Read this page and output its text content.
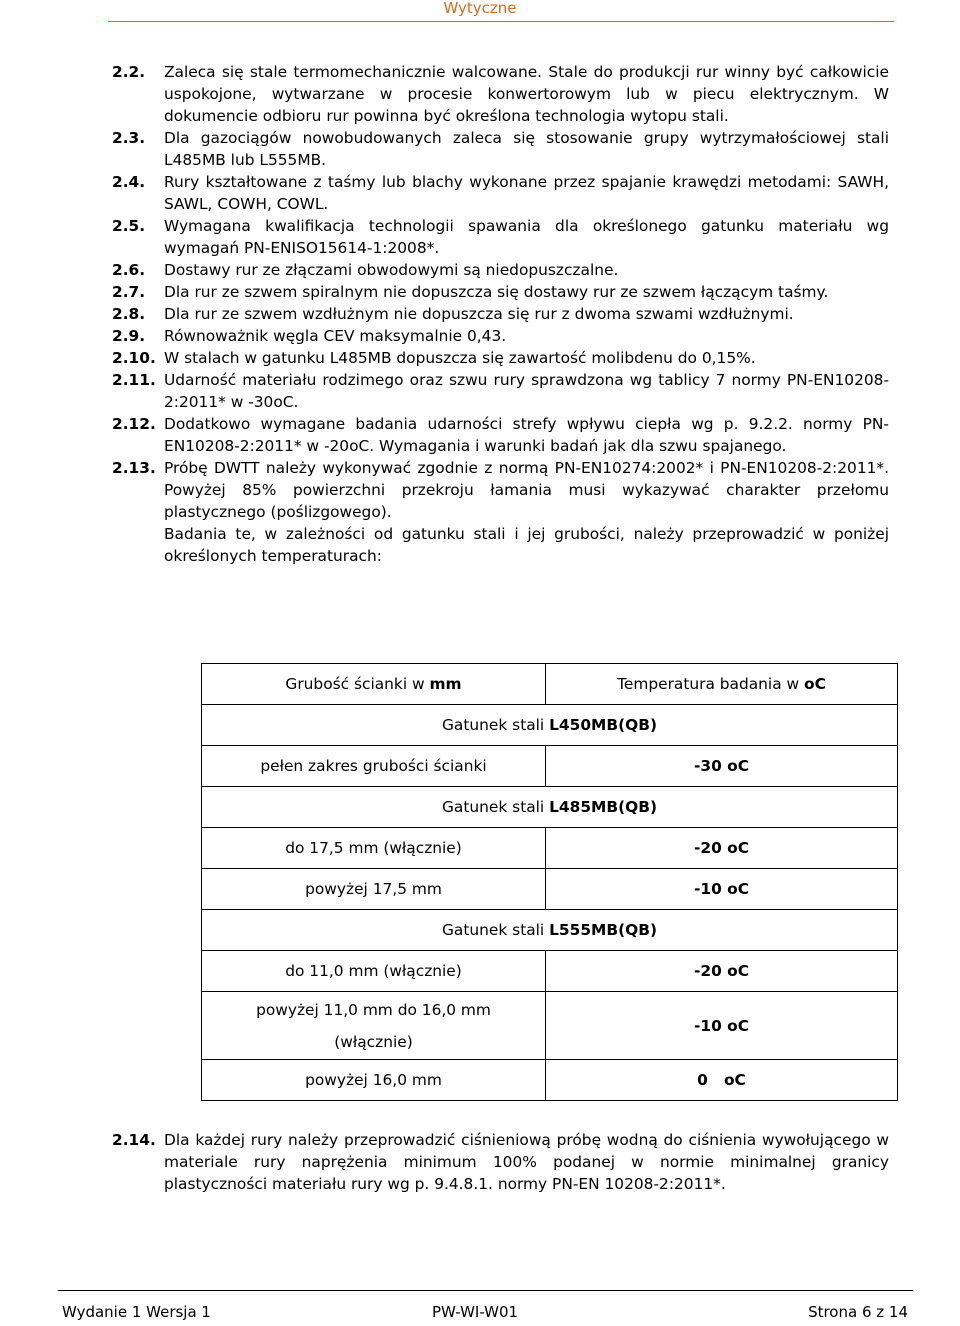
Wytyczne
2.2.	Zaleca się stale termomechanicznie walcowane. Stale do produkcji rur winny być całkowicie uspokojone, wytwarzane w procesie konwertorowym lub w piecu elektrycznym. W dokumencie odbioru rur powinna być określona technologia wytopu stali.
2.3.	Dla gazociągów nowobudowanych zaleca się stosowanie grupy wytrzymałościowej stali L485MB lub L555MB.
2.4.	Rury kształtowane z taśmy lub blachy wykonane przez spajanie krawędzi metodami: SAWH, SAWL, COWH, COWL.
2.5.	Wymagana kwalifikacja technologii spawania dla określonego gatunku materiału wg wymagań PN-ENISO15614-1:2008*.
2.6.	Dostawy rur ze złączami obwodowymi są niedopuszczalne.
2.7.	Dla rur ze szwem spiralnym nie dopuszcza się dostawy rur ze szwem łączącym taśmy.
2.8.	Dla rur ze szwem wzdłużnym nie dopuszcza się rur z dwoma szwami wzdłużnymi.
2.9.	Równoważnik węgla CEV maksymalnie 0,43.
2.10. W stalach w gatunku L485MB dopuszcza się zawartość molibdenu do 0,15%.
2.11. Udarność materiału rodzimego oraz szwu rury sprawdzona wg tablicy 7 normy PN-EN10208-2:2011* w -30oC.
2.12. Dodatkowo wymagane badania udarności strefy wpływu ciepła wg p. 9.2.2. normy PN-EN10208-2:2011* w -20oC. Wymagania i warunki badań jak dla szwu spajanego.
2.13. Próbę DWTT należy wykonywać zgodnie z normą PN-EN10274:2002* i PN-EN10208-2:2011*. Powyżej 85% powierzchni przekroju łamania musi wykazywać charakter przełomu plastycznego (poślizgowego).

Badania te, w zależności od gatunku stali i jej grubości, należy przeprowadzić w poniżej określonych temperaturach:

Grubość ścianki w mm	Temperatura badania w oC
Gatunek stali L450MB(QB)	
pełen zakres grubości ścianki	-30 oC
Gatunek stali L485MB(QB)	
do 17,5 mm (włącznie)	-20 oC
powyżej 17,5 mm	-10 oC
Gatunek stali L555MB(QB)	
do 11,0 mm (włącznie)	-20 oC
powyżej 11,0 mm do 16,0 mm
(włącznie)	-10 oC
powyżej 16,0 mm	0   oC
2.14. Dla każdej rury należy przeprowadzić ciśnieniową próbę wodną do ciśnienia wywołującego w materiale rury naprężenia minimum 100% podanej w normie minimalnej granicy plastyczności materiału rury wg p. 9.4.8.1. normy PN-EN 10208-2:2011*.
Wydanie 1 Wersja 1	PW-WI-W01	Strona 6 z 14
